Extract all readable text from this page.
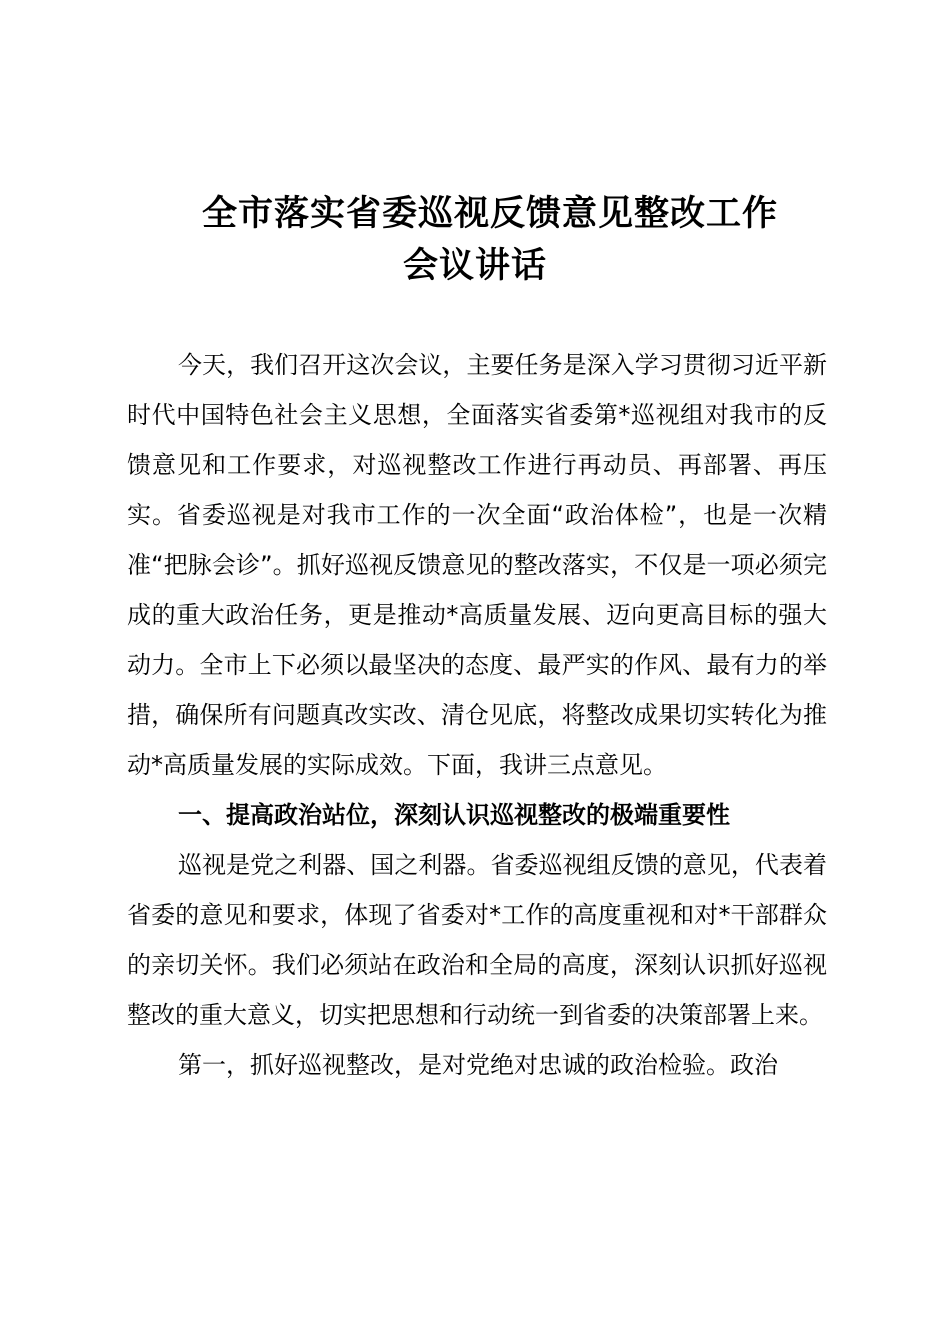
全市落实省委巡视反馈意见整改工作
会议讲话

今天，我们召开这次会议，主要任务是深入学习贯彻习近平新时代中国特色社会主义思想，全面落实省委第*巡视组对我市的反馈意见和工作要求，对巡视整改工作进行再动员、再部署、再压实。省委巡视是对我市工作的一次全面“政治体检”，也是一次精准“把脉会诊”。抓好巡视反馈意见的整改落实，不仅是一项必须完成的重大政治任务，更是推动*高质量发展、迈向更高目标的强大动力。全市上下必须以最坚决的态度、最严实的作风、最有力的举措，确保所有问题真改实改、清仓见底，将整改成果切实转化为推动*高质量发展的实际成效。下面，我讲三点意见。

一、提高政治站位，深刻认识巡视整改的极端重要性

巡视是党之利器、国之利器。省委巡视组反馈的意见，代表着省委的意见和要求，体现了省委对*工作的高度重视和对*干部群众的亲切关怀。我们必须站在政治和全局的高度，深刻认识抓好巡视整改的重大意义，切实把思想和行动统一到省委的决策部署上来。

第一，抓好巡视整改，是对党绝对忠诚的政治检验。政治
